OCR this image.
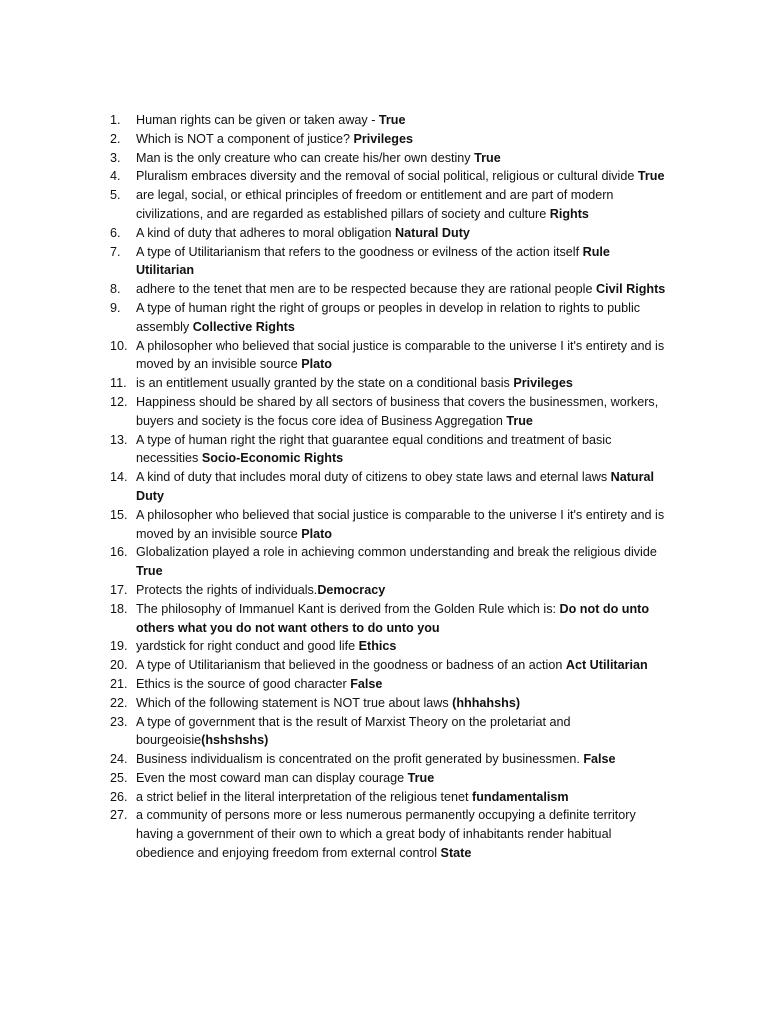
1.	Human rights can be given or taken away - True
2.	Which is NOT a component of justice? Privileges
3.	Man is the only creature who can create his/her own destiny True
4.	Pluralism embraces diversity and the removal of social political, religious or cultural divide True
5.	are legal, social, or ethical principles of freedom or entitlement and are part of modern civilizations, and are regarded as established pillars of society and culture Rights
6.	A kind of duty that adheres to moral obligation Natural Duty
7.	A type of Utilitarianism that refers to the goodness or evilness of the action itself Rule Utilitarian
8.	adhere to the tenet that men are to be respected because they are rational people Civil Rights
9.	A type of human right the right of groups or peoples in develop in relation to rights to public assembly Collective Rights
10. A philosopher who believed that social justice is comparable to the universe I it's entirety and is moved by an invisible source Plato
11. is an entitlement usually granted by the state on a conditional basis Privileges
12. Happiness should be shared by all sectors of business that covers the businessmen, workers, buyers and society is the focus core idea of Business Aggregation True
13. A type of human right the right that guarantee equal conditions and treatment of basic necessities Socio-Economic Rights
14. A kind of duty that includes moral duty of citizens to obey state laws and eternal laws Natural Duty
15. A philosopher who believed that social justice is comparable to the universe I it's entirety and is moved by an invisible source Plato
16. Globalization played a role in achieving common understanding and break the religious divide True
17. Protects the rights of individuals.Democracy
18. The philosophy of Immanuel Kant is derived from the Golden Rule which is: Do not do unto others what you do not want others to do unto you
19. yardstick for right conduct and good life Ethics
20. A type of Utilitarianism that believed in the goodness or badness of an action Act Utilitarian
21. Ethics is the source of good character False
22. Which of the following statement is NOT true about laws (hhhahshs)
23. A type of government that is the result of Marxist Theory on the proletariat and bourgeoisie(hshshshs)
24. Business individualism is concentrated on the profit generated by businessmen. False
25. Even the most coward man can display courage True
26. a strict belief in the literal interpretation of the religious tenet fundamentalism
27. a community of persons more or less numerous permanently occupying a definite territory having a government of their own to which a great body of inhabitants render habitual obedience and enjoying freedom from external control State
